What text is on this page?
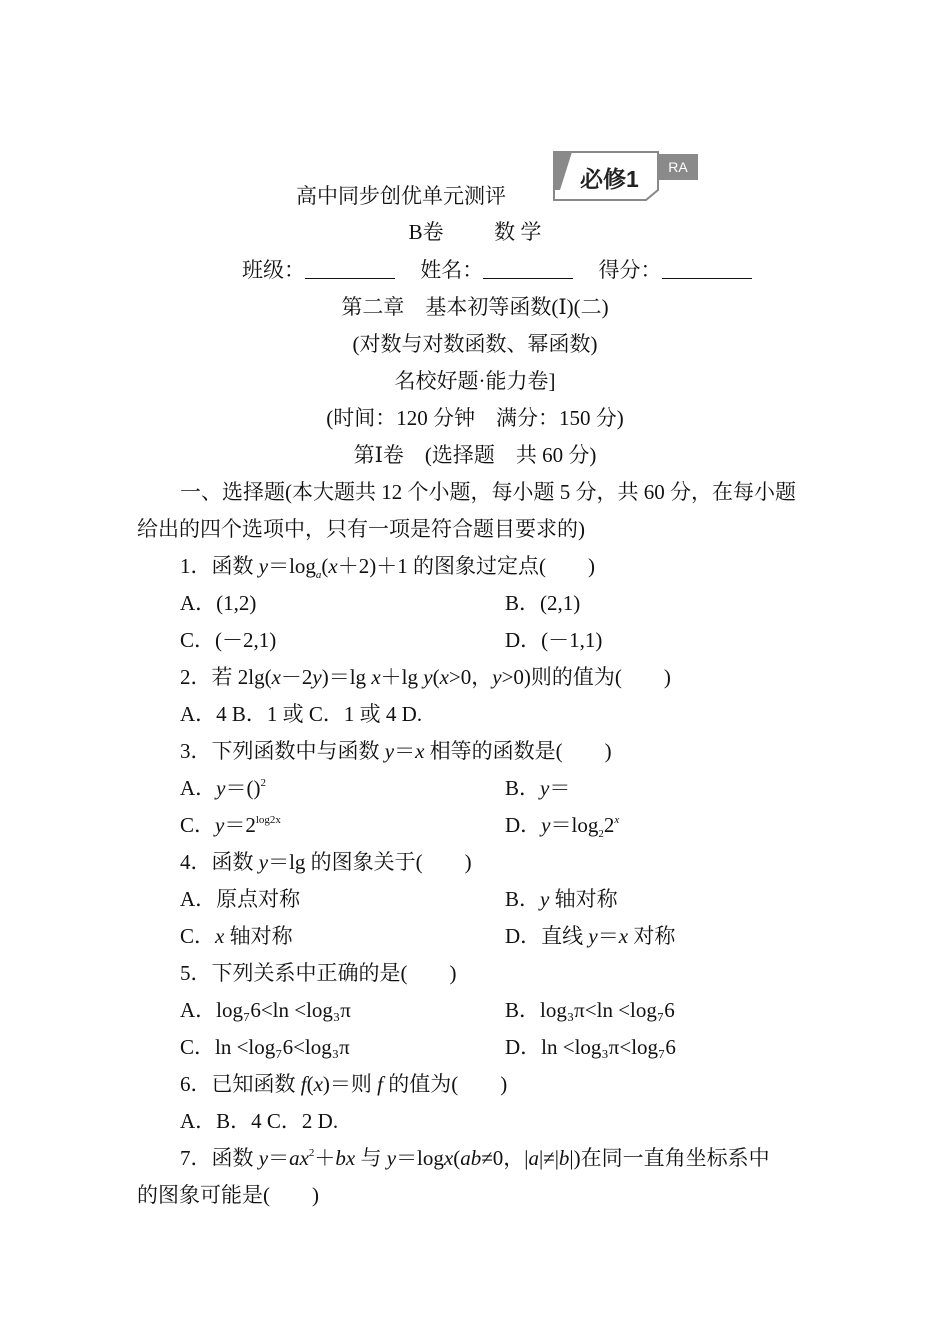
必修1	RA
高中同步创优单元测评
B卷 数 学
班级：	姓名：	得分：
第二章　基本初等函数(Ⅰ)(二)
(对数与对数函数、幂函数)
名校好题·能力卷]
(时间：120 分钟　满分：150 分)
第Ⅰ卷　(选择题　共 60 分)
一、选择题(本大题共 12 个小题，每小题 5 分，共 60 分，在每小题
给出的四个选项中，只有一项是符合题目要求的)
1．函数 $y=\log_a(x+2)+1$ 的图象过定点(　　)
A．(1,2)	B．(2,1)
C．(－2,1)	D．(－1,1)
2．若 2lg(x－2y)＝lg x＋lg y(x>0，y>0)则的值为(　　)
A．4 B．1 或 C．1 或 4 D.
3．下列函数中与函数 y＝x 相等的函数是(　　)
A．y＝()$^2$	B．y＝
C．$y=2^{log2x}$	D．$y=\log_22^x$
4．函数 y＝lg 的图象关于(　　)
A．原点对称	B．y 轴对称
C．x 轴对称	D．直线 y＝x 对称
5．下列关系中正确的是(　　)
A．log₇6<ln <log₃π	B．log₃π<ln <log₇6
C．ln <log₇6<log₃π	D．ln <log₃π<log₇6
6．已知函数 f(x)＝则 f 的值为(　　)
A．B．4 C．2 D.
7．函数 $y=ax^2+bx$ 与 y＝logx(ab≠0，|a|≠|b|)在同一直角坐标系中
的图象可能是(　　)
